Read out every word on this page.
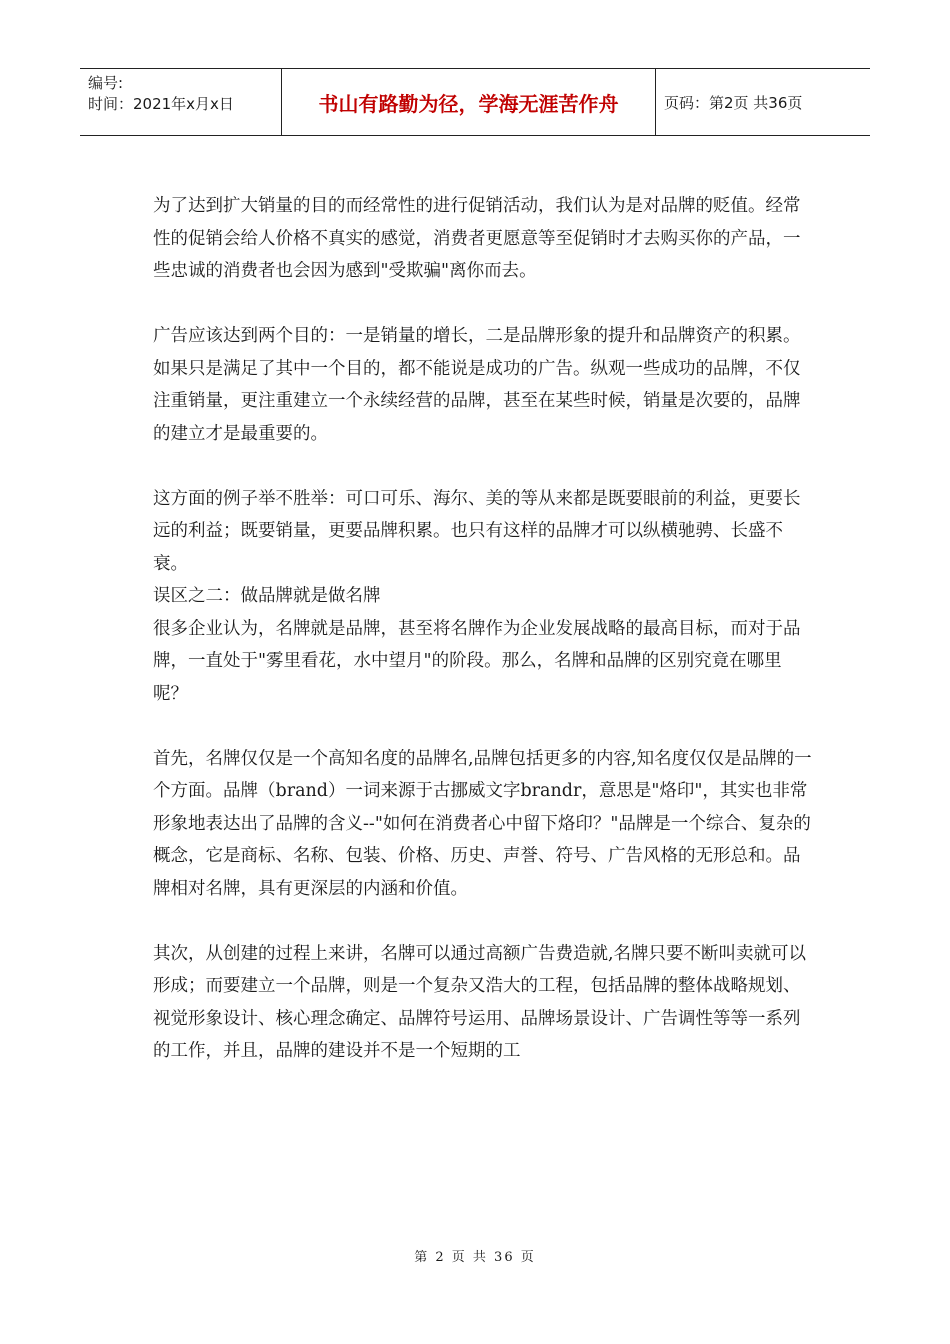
编号:
时间：2021年x月x日	书山有路勤为径，学海无涯苦作舟	页码：第2页 共36页

为了达到扩大销量的目的而经常性的进行促销活动，我们认为是对品牌的贬值。经常性的促销会给人价格不真实的感觉，消费者更愿意等至促销时才去购买你的产品，一些忠诚的消费者也会因为感到"受欺骗"离你而去。

广告应该达到两个目的：一是销量的增长，二是品牌形象的提升和品牌资产的积累。如果只是满足了其中一个目的，都不能说是成功的广告。纵观一些成功的品牌，不仅注重销量，更注重建立一个永续经营的品牌，甚至在某些时候，销量是次要的，品牌的建立才是最重要的。

这方面的例子举不胜举：可口可乐、海尔、美的等从来都是既要眼前的利益，更要长远的利益；既要销量，更要品牌积累。也只有这样的品牌才可以纵横驰骋、长盛不衰。

误区之二：做品牌就是做名牌

很多企业认为，名牌就是品牌，甚至将名牌作为企业发展战略的最高目标，而对于品牌，一直处于"雾里看花，水中望月"的阶段。那么，名牌和品牌的区别究竟在哪里呢？

首先，名牌仅仅是一个高知名度的品牌名,品牌包括更多的内容,知名度仅仅是品牌的一个方面。品牌（brand）一词来源于古挪威文字brandr，意思是"烙印"，其实也非常形象地表达出了品牌的含义--"如何在消费者心中留下烙印？"品牌是一个综合、复杂的概念，它是商标、名称、包装、价格、历史、声誉、符号、广告风格的无形总和。品牌相对名牌，具有更深层的内涵和价值。

其次，从创建的过程上来讲，名牌可以通过高额广告费造就,名牌只要不断叫卖就可以形成；而要建立一个品牌，则是一个复杂又浩大的工程，包括品牌的整体战略规划、视觉形象设计、核心理念确定、品牌符号运用、品牌场景设计、广告调性等等一系列的工作，并且，品牌的建设并不是一个短期的工

第 2 页 共 36 页
